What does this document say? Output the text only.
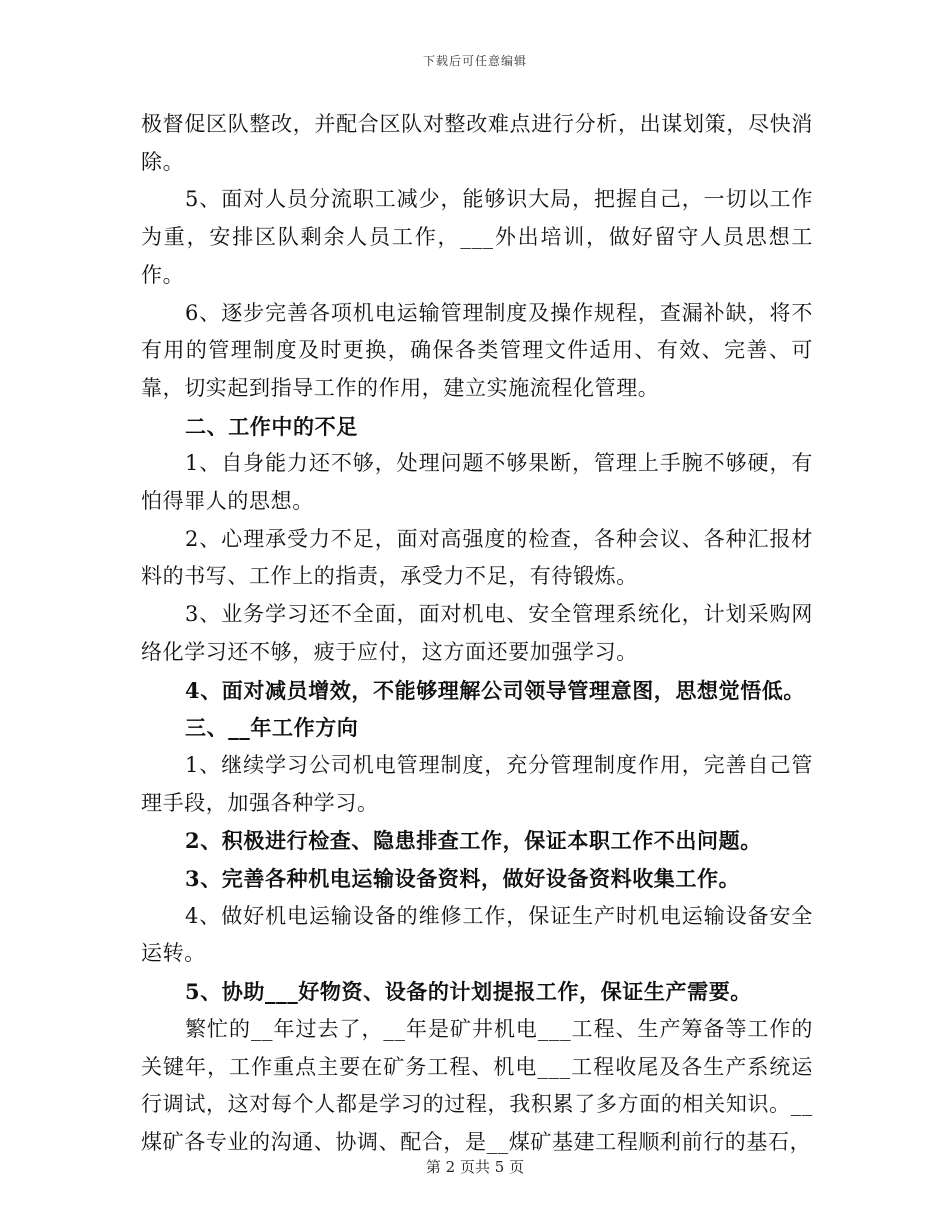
下载后可任意编辑

极督促区队整改，并配合区队对整改难点进行分析，出谋划策，尽快消除。

5、面对人员分流职工减少，能够识大局，把握自己，一切以工作为重，安排区队剩余人员工作，___外出培训，做好留守人员思想工作。

6、逐步完善各项机电运输管理制度及操作规程，查漏补缺，将不有用的管理制度及时更换，确保各类管理文件适用、有效、完善、可靠，切实起到指导工作的作用，建立实施流程化管理。

二、工作中的不足

1、自身能力还不够，处理问题不够果断，管理上手腕不够硬，有怕得罪人的思想。

2、心理承受力不足，面对高强度的检查，各种会议、各种汇报材料的书写、工作上的指责，承受力不足，有待锻炼。

3、业务学习还不全面，面对机电、安全管理系统化，计划采购网络化学习还不够，疲于应付，这方面还要加强学习。

4、面对减员增效，不能够理解公司领导管理意图，思想觉悟低。

三、__年工作方向

1、继续学习公司机电管理制度，充分管理制度作用，完善自己管理手段，加强各种学习。

2、积极进行检查、隐患排查工作，保证本职工作不出问题。

3、完善各种机电运输设备资料，做好设备资料收集工作。

4、做好机电运输设备的维修工作，保证生产时机电运输设备安全运转。

5、协助___好物资、设备的计划提报工作，保证生产需要。

繁忙的__年过去了，__年是矿井机电___工程、生产筹备等工作的关键年，工作重点主要在矿务工程、机电___工程收尾及各生产系统运行调试，这对每个人都是学习的过程，我积累了多方面的相关知识。__煤矿各专业的沟通、协调、配合，是__煤矿基建工程顺利前行的基石，

第 2 页共 5 页
